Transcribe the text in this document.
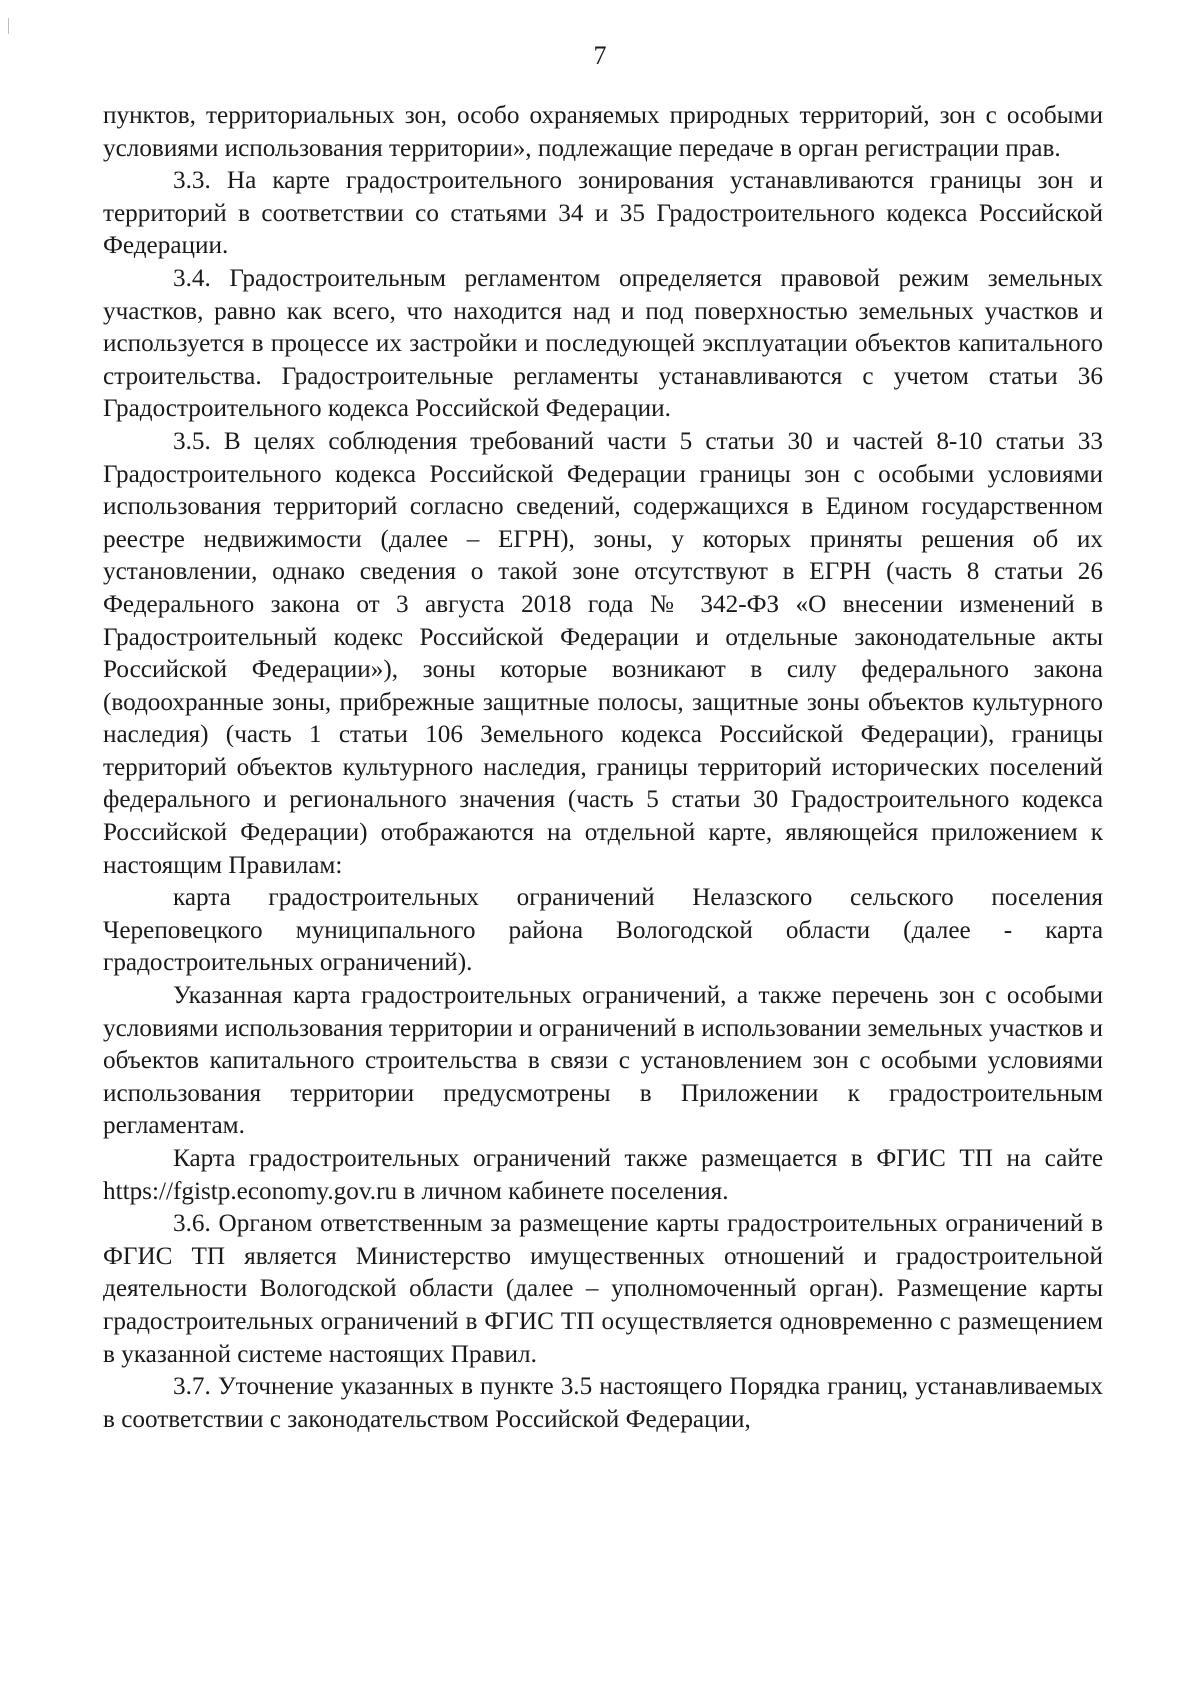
7

пунктов, территориальных зон, особо охраняемых природных территорий, зон с особыми условиями использования территории», подлежащие передаче в орган регистрации прав.

3.3. На карте градостроительного зонирования устанавливаются границы зон и территорий в соответствии со статьями 34 и 35 Градостроительного кодекса Российской Федерации.

3.4. Градостроительным регламентом определяется правовой режим земельных участков, равно как всего, что находится над и под поверхностью земельных участков и используется в процессе их застройки и последующей эксплуатации объектов капитального строительства. Градостроительные регламенты устанавливаются с учетом статьи 36 Градостроительного кодекса Российской Федерации.

3.5. В целях соблюдения требований части 5 статьи 30 и частей 8-10 статьи 33 Градостроительного кодекса Российской Федерации границы зон с особыми условиями использования территорий согласно сведений, содержащихся в Едином государственном реестре недвижимости (далее – ЕГРН), зоны, у которых приняты решения об их установлении, однако сведения о такой зоне отсутствуют в ЕГРН (часть 8 статьи 26 Федерального закона от 3 августа 2018 года № 342-ФЗ «О внесении изменений в Градостроительный кодекс Российской Федерации и отдельные законодательные акты Российской Федерации»), зоны которые возникают в силу федерального закона (водоохранные зоны, прибрежные защитные полосы, защитные зоны объектов культурного наследия) (часть 1 статьи 106 Земельного кодекса Российской Федерации), границы территорий объектов культурного наследия, границы территорий исторических поселений федерального и регионального значения (часть 5 статьи 30 Градостроительного кодекса Российской Федерации) отображаются на отдельной карте, являющейся приложением к настоящим Правилам:

карта градостроительных ограничений Нелазского сельского поселения Череповецкого муниципального района Вологодской области (далее - карта градостроительных ограничений).

Указанная карта градостроительных ограничений, а также перечень зон с особыми условиями использования территории и ограничений в использовании земельных участков и объектов капитального строительства в связи с установлением зон с особыми условиями использования территории предусмотрены в Приложении к градостроительным регламентам.

Карта градостроительных ограничений также размещается в ФГИС ТП на сайте https://fgistp.economy.gov.ru в личном кабинете поселения.

3.6. Органом ответственным за размещение карты градостроительных ограничений в ФГИС ТП является Министерство имущественных отношений и градостроительной деятельности Вологодской области (далее – уполномоченный орган). Размещение карты градостроительных ограничений в ФГИС ТП осуществляется одновременно с размещением в указанной системе настоящих Правил.

3.7. Уточнение указанных в пункте 3.5 настоящего Порядка границ, устанавливаемых в соответствии с законодательством Российской Федерации,
